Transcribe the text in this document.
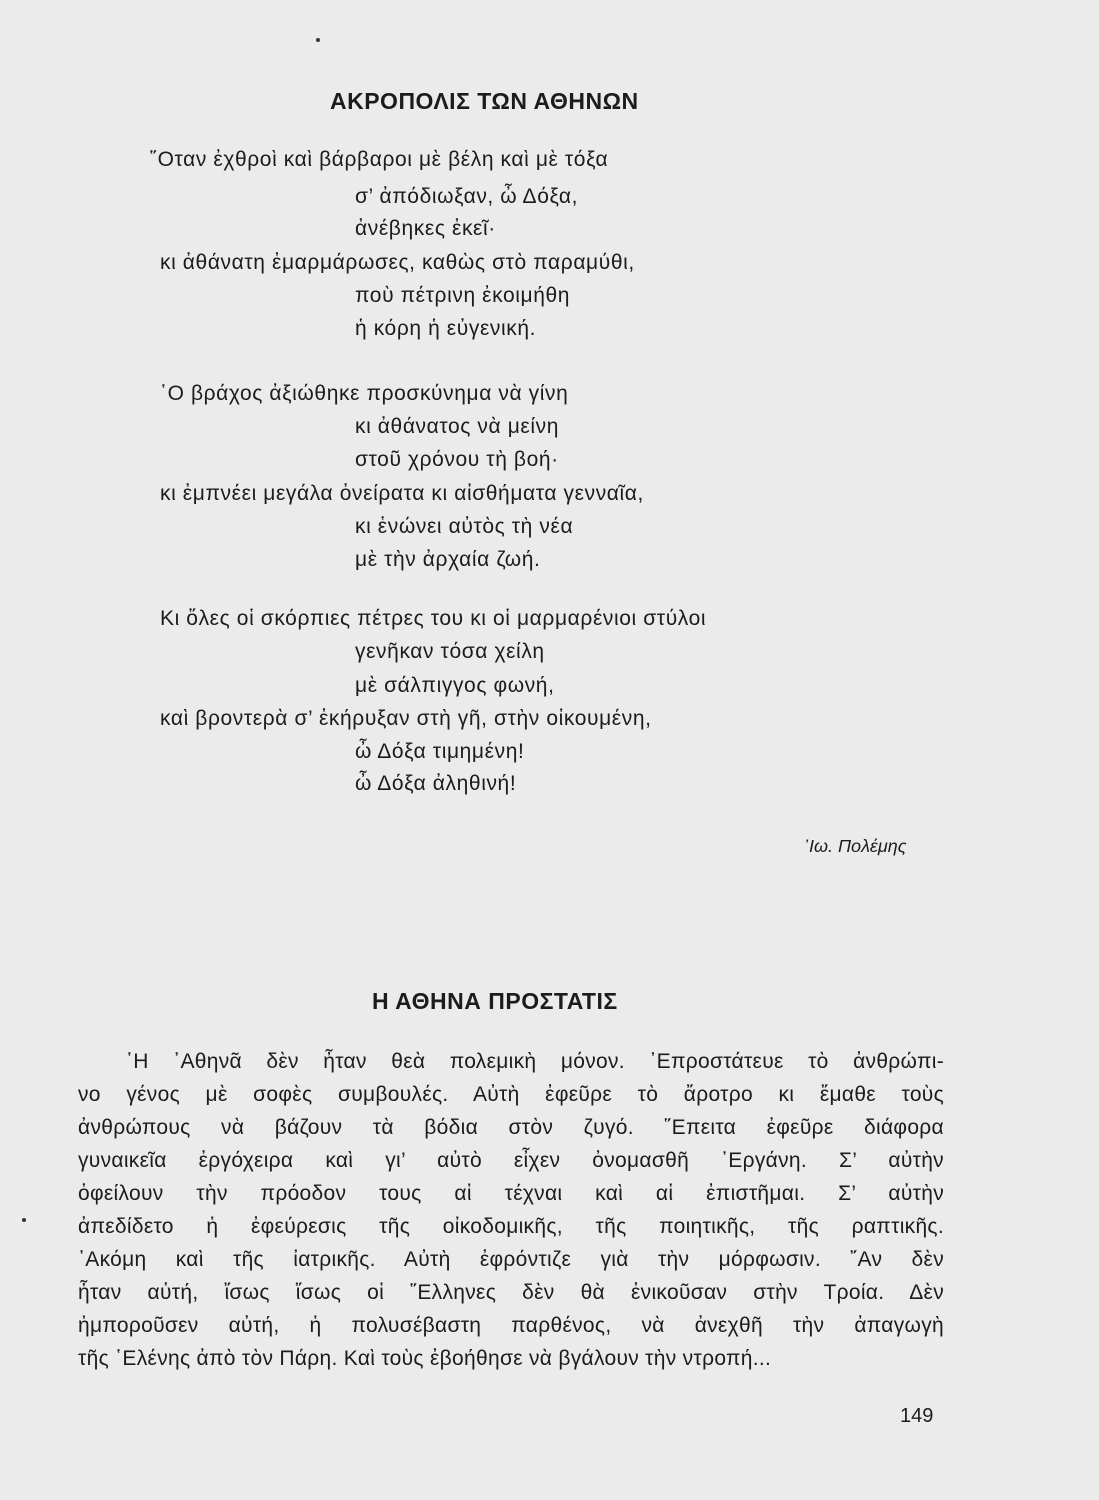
ΑΚΡΟΠΟΛΙΣ ΤΩΝ ΑΘΗΝΩΝ
῞Οταν ἐχθροὶ καὶ βάρβαροι μὲ βέλη καὶ μὲ τόξα
σ’ ἀπόδιωξαν, ὦ Δόξα,
ἀνέβηκες ἐκεῖ·
κι ἀθάνατη ἐμαρμάρωσες, καθὼς στὸ παραμύθι,
ποὺ πέτρινη ἐκοιμήθη
ἡ κόρη ἡ εὐγενική.
῾Ο βράχος ἀξιώθηκε προσκύνημα νὰ γίνη
κι ἀθάνατος νὰ μείνη
στοῦ χρόνου τὴ βοή·
κι ἐμπνέει μεγάλα ὀνείρατα κι αἰσθήματα γενναῖα,
κι ἑνώνει αὐτὸς τὴ νέα
μὲ τὴν ἀρχαία ζωή.
Κι ὅλες οἱ σκόρπιες πέτρες του κι οἱ μαρμαρένιοι στύλοι
γενῆκαν τόσα χείλη
μὲ σάλπιγγος φωνή,
καὶ βροντερὰ σ’ ἐκήρυξαν στὴ γῆ, στὴν οἰκουμένη,
ὦ Δόξα τιμημένη!
ὦ Δόξα ἀληθινή!
᾿Ιω. Πολέμης
Η ΑΘΗΝΑ ΠΡΟΣΤΑΤΙΣ
῾Η ᾿Αθηνᾶ δὲν ἦταν θεὰ πολεμικὴ μόνον. ᾿Επροστάτευε τὸ ἀνθρώπι-
νο γένος μὲ σοφὲς συμβουλές. Αὐτὴ ἐφεῦρε τὸ ἄροτρο κι ἔμαθε τοὺς
ἀνθρώπους νὰ βάζουν τὰ βόδια στὸν ζυγό. ῞Επειτα ἐφεῦρε διάφορα
γυναικεῖα ἐργόχειρα καὶ γι’ αὐτὸ εἶχεν ὀνομασθῆ ᾿Εργάνη. Σ’ αὐτὴν
ὀφείλουν τὴν πρόοδον τους αἱ τέχναι καὶ αἱ ἐπιστῆμαι. Σ’ αὐτὴν
ἀπεδίδετο ἡ ἐφεύρεσις τῆς οἰκοδομικῆς, τῆς ποιητικῆς, τῆς ραπτικῆς.
᾿Ακόμη καὶ τῆς ἰατρικῆς. Αὐτὴ ἐφρόντιζε γιὰ τὴν μόρφωσιν. ῎Αν δὲν
ἦταν αὐτή, ἴσως ἴσως οἱ ῞Ελληνες δὲν θὰ ἐνικοῦσαν στὴν Τροία. Δὲν
ἠμποροῦσεν αὐτή, ἡ πολυσέβαστη παρθένος, νὰ ἀνεχθῆ τὴν ἀπαγωγὴ
τῆς ῾Ελένης ἀπὸ τὸν Πάρη. Καὶ τοὺς ἐβοήθησε νὰ βγάλουν τὴν ντροπή...
149
